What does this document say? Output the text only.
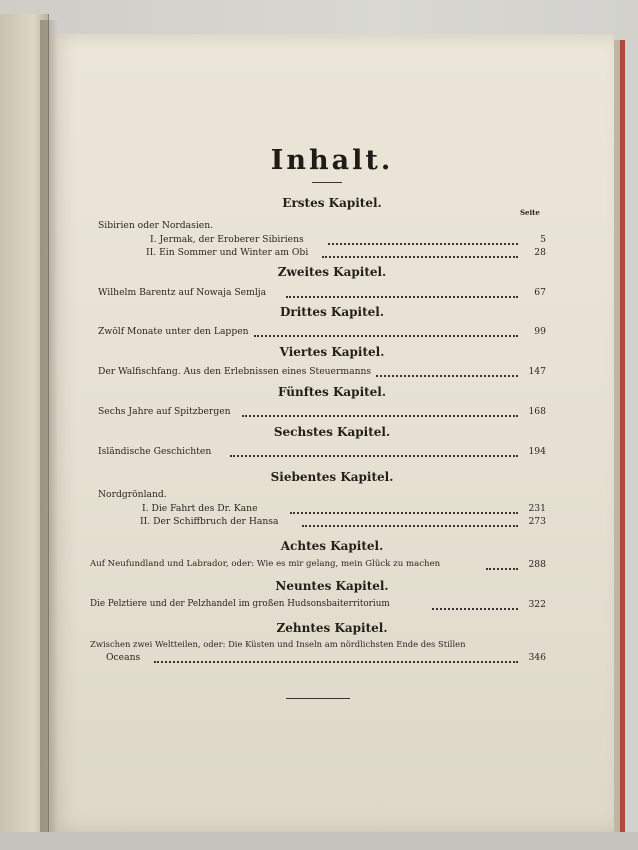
Inhalt.
Erstes Kapitel.
Seite
Sibirien oder Nordasien.
I. Jermak, der Eroberer Sibiriens	5
II. Ein Sommer und Winter am Obi	28
Zweites Kapitel.
Wilhelm Barentz auf Nowaja Semlja	67
Drittes Kapitel.
Zwölf Monate unter den Lappen	99
Viertes Kapitel.
Der Walfischfang. Aus den Erlebnissen eines Steuermanns	147
Fünftes Kapitel.
Sechs Jahre auf Spitzbergen	168
Sechstes Kapitel.
Isländische Geschichten	194
Siebentes Kapitel.
Nordgrönland.
I. Die Fahrt des Dr. Kane	231
II. Der Schiffbruch der Hansa	273
Achtes Kapitel.
Auf Neufundland und Labrador, oder: Wie es mir gelang, mein Glück zu machen	288
Neuntes Kapitel.
Die Pelztiere und der Pelzhandel im großen Hudsonsbaiterritorium	322
Zehntes Kapitel.
Zwischen zwei Weltteilen, oder: Die Küsten und Inseln am nördlichsten Ende des Stillen
Oceans	346
